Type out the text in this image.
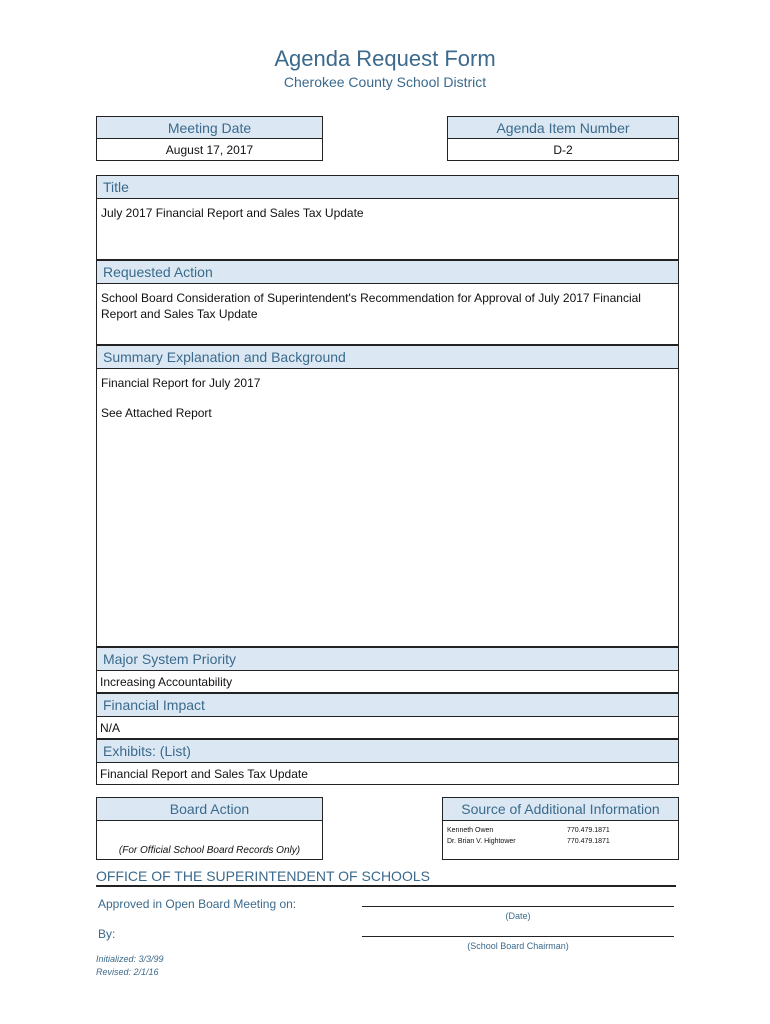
Agenda Request Form
Cherokee County School District
Meeting Date
August 17, 2017
Agenda Item Number
D-2
Title
July 2017 Financial Report and Sales Tax Update
Requested Action
School Board Consideration of Superintendent's Recommendation for Approval of July 2017 Financial Report and Sales Tax Update
Summary Explanation and Background
Financial Report for July 2017
See Attached Report
Major System Priority
Increasing Accountability
Financial Impact
N/A
Exhibits: (List)
Financial Report and Sales Tax Update
Board Action
(For Official School Board Records Only)
Source of Additional Information
Kenneth Owen	770.479.1871
Dr. Brian V. Hightower	770.479.1871
OFFICE OF THE SUPERINTENDENT OF SCHOOLS
Approved in Open Board Meeting on:
(Date)
By:
(School Board Chairman)
Initialized: 3/3/99
Revised: 2/1/16
